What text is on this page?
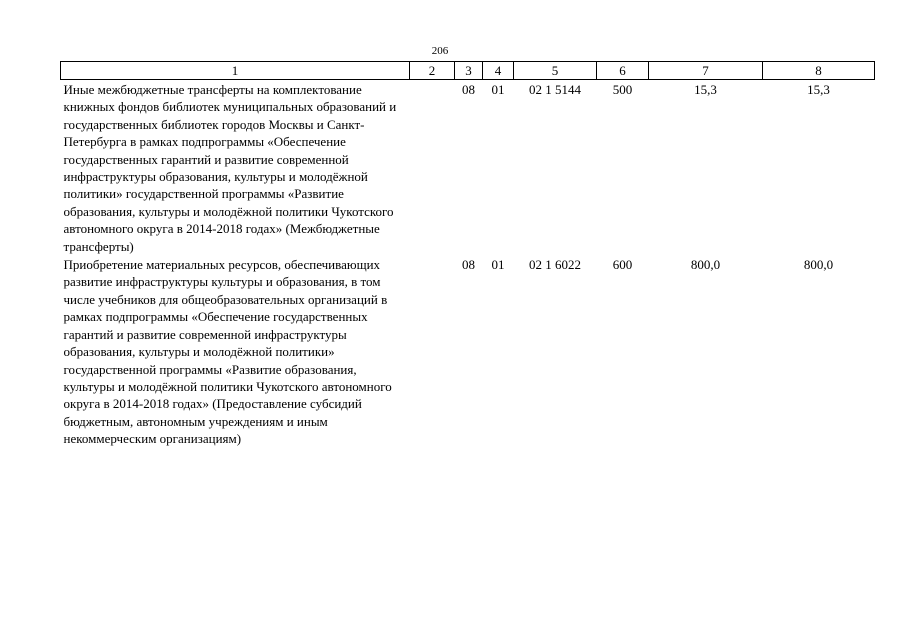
206
1	2	3	4	5	6	7	8
Иные межбюджетные трансферты на комплектование книжных фондов библиотек муниципальных образований и государственных библиотек городов Москвы и Санкт-Петербурга в рамках подпрограммы «Обеспечение государственных гарантий и развитие современной инфраструктуры образования, культуры и молодёжной политики» государственной программы «Развитие образования, культуры и молодёжной политики Чукотского автономного округа в 2014-2018 годах» (Межбюджетные трансферты)		08	01	02 1 5144	500	15,3	15,3
Приобретение материальных ресурсов, обеспечивающих развитие инфраструктуры культуры и образования, в том числе учебников для общеобразовательных организаций в рамках подпрограммы «Обеспечение государственных гарантий и развитие современной инфраструктуры образования, культуры и молодёжной политики» государственной программы «Развитие образования, культуры и молодёжной политики Чукотского автономного округа в 2014-2018 годах» (Предоставление субсидий бюджетным, автономным учреждениям и иным некоммерческим организациям)		08	01	02 1 6022	600	800,0	800,0
